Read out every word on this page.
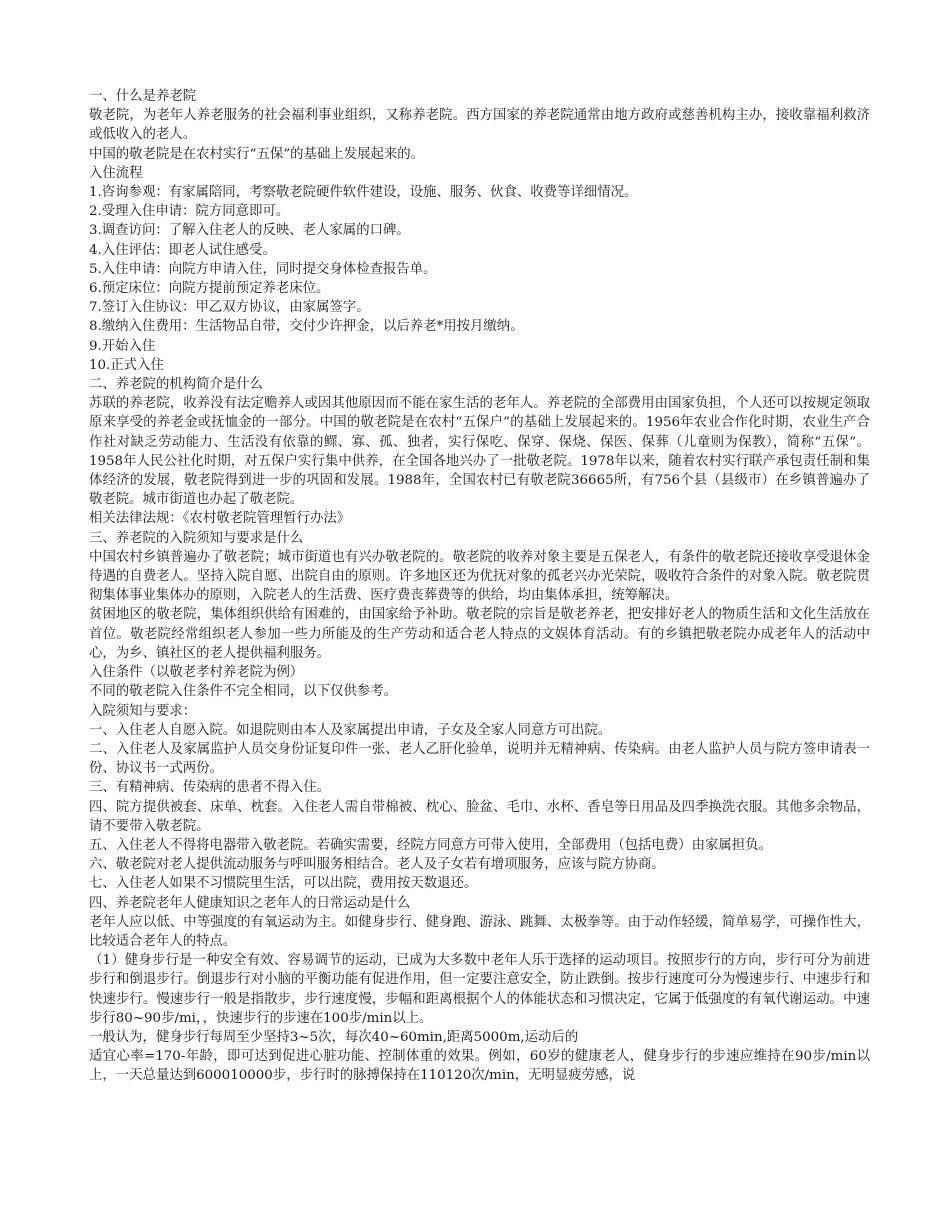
一、什么是养老院

敬老院，为老年人养老服务的社会福利事业组织，又称养老院。西方国家的养老院通常由地方政府或慈善机构主办，接收靠福利救济或低收入的老人。

中国的敬老院是在农村实行“五保”的基础上发展起来的。

入住流程

1.咨询参观：有家属陪同，考察敬老院硬件软件建设，设施、服务、伙食、收费等详细情况。

2.受理入住申请：院方同意即可。

3.调查访问：了解入住老人的反映、老人家属的口碑。

4.入住评估：即老人试住感受。

5.入住申请：向院方申请入住，同时提交身体检查报告单。

6.预定床位：向院方提前预定养老床位。

7.签订入住协议：甲乙双方协议，由家属签字。

8.缴纳入住费用：生活物品自带，交付少许押金，以后养老*用按月缴纳。

9.开始入住

10.正式入住

二、养老院的机构简介是什么

苏联的养老院，收养没有法定赡养人或因其他原因而不能在家生活的老年人。养老院的全部费用由国家负担，个人还可以按规定领取原来享受的养老金或抚恤金的一部分。中国的敬老院是在农村“五保户”的基础上发展起来的。1956年农业合作化时期，农业生产合作社对缺乏劳动能力、生活没有依靠的鳏、寡、孤、独者，实行保吃、保穿、保烧、保医、保葬（儿童则为保教），简称“五保”。1958年人民公社化时期，对五保户实行集中供养，在全国各地兴办了一批敬老院。1978年以来，随着农村实行联产承包责任制和集体经济的发展，敬老院得到进一步的巩固和发展。1988年，全国农村已有敬老院36665所，有756个县（县级市）在乡镇普遍办了敬老院。城市街道也办起了敬老院。

相关法律法规：《农村敬老院管理暂行办法》

三、养老院的入院须知与要求是什么

中国农村乡镇普遍办了敬老院；城市街道也有兴办敬老院的。敬老院的收养对象主要是五保老人，有条件的敬老院还接收享受退休金待遇的自费老人。坚持入院自愿、出院自由的原则。许多地区还为优抚对象的孤老兴办光荣院，吸收符合条件的对象入院。敬老院贯彻集体事业集体办的原则，入院老人的生活费、医疗费丧葬费等的供给，均由集体承担，统筹解决。

贫困地区的敬老院，集体组织供给有困难的，由国家给予补助。敬老院的宗旨是敬老养老，把安排好老人的物质生活和文化生活放在首位。敬老院经常组织老人参加一些力所能及的生产劳动和适合老人特点的文娱体育活动。有的乡镇把敬老院办成老年人的活动中心，为乡、镇社区的老人提供福利服务。

入住条件（以敬老孝村养老院为例）

不同的敬老院入住条件不完全相同，以下仅供参考。

入院须知与要求：

一、入住老人自愿入院。如退院则由本人及家属提出申请，子女及全家人同意方可出院。

二、入住老人及家属监护人员交身份证复印件一张、老人乙肝化验单，说明并无精神病、传染病。由老人监护人员与院方签申请表一份、协议书一式两份。

三、有精神病、传染病的患者不得入住。

四、院方提供被套、床单、枕套。入住老人需自带棉被、枕心、脸盆、毛巾、水杯、香皂等日用品及四季换洗衣服。其他多余物品，请不要带入敬老院。

五、入住老人不得将电器带入敬老院。若确实需要，经院方同意方可带入使用，全部费用（包括电费）由家属担负。

六、敬老院对老人提供流动服务与呼叫服务相结合。老人及子女若有增项服务，应该与院方协商。

七、入住老人如果不习惯院里生活，可以出院，费用按天数退还。

四、养老院老年人健康知识之老年人的日常运动是什么

老年人应以低、中等强度的有氧运动为主。如健身步行、健身跑、游泳、跳舞、太极拳等。由于动作轻缓，简单易学，可操作性大，比较适合老年人的特点。

（1）健身步行是一种安全有效、容易调节的运动，已成为大多数中老年人乐于选择的运动项目。按照步行的方向，步行可分为前进步行和倒退步行。倒退步行对小脑的平衡功能有促进作用，但一定要注意安全，防止跌倒。按步行速度可分为慢速步行、中速步行和快速步行。慢速步行一般是指散步，步行速度慢，步幅和距离根据个人的体能状态和习惯决定，它属于低强度的有氧代谢运动。中速步行80~90步/mi，，快速步行的步速在100步/min以上。

一般认为，健身步行每周至少坚持3~5次，每次40~60min,距离5000m,运动后的

适宜心率=170-年龄，即可达到促进心脏功能、控制体重的效果。例如，60岁的健康老人，健身步行的步速应维持在90步/min以上，一天总量达到600010000步，步行时的脉搏保持在110120次/min，无明显疲劳感，说
